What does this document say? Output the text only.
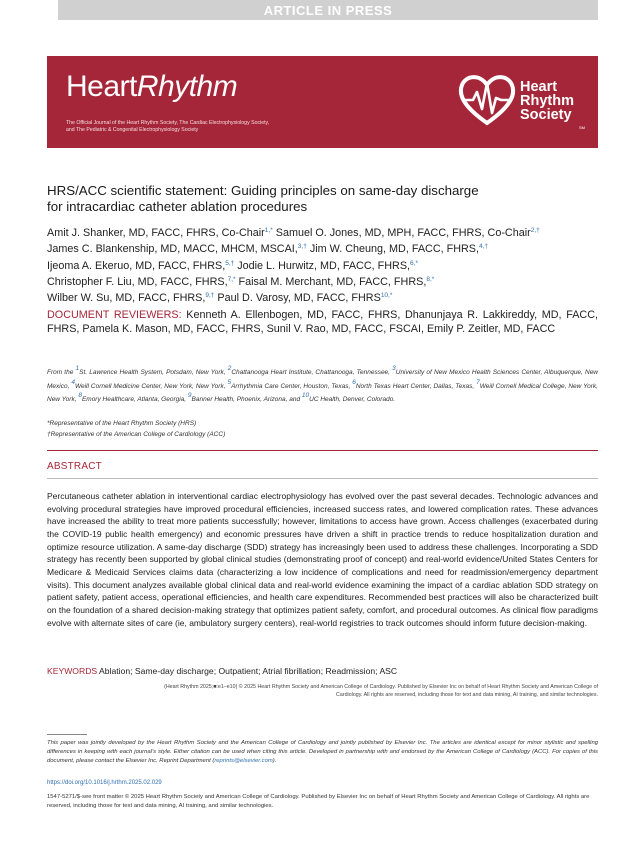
ARTICLE IN PRESS
HeartRhythm
The Official Journal of the Heart Rhythm Society, The Cardiac Electrophysiology Society,
and The Pediatric & Congenital Electrophysiology Society
Heart
Rhythm
Society
SM
HRS/ACC scientific statement: Guiding principles on same-day discharge
for intracardiac catheter ablation procedures
Amit J. Shanker, MD, FACC, FHRS, Co-Chair$^{1,*}$ Samuel O. Jones, MD, MPH, FACC, FHRS, Co-Chair$^{2,\dagger}$
James C. Blankenship, MD, MACC, MHCM, MSCAI,$^{3,\dagger}$ Jim W. Cheung, MD, FACC, FHRS,$^{4,\dagger}$
Ijeoma A. Ekeruo, MD, FACC, FHRS,$^{5,\dagger}$ Jodie L. Hurwitz, MD, FACC, FHRS,$^{6,*}$
Christopher F. Liu, MD, FACC, FHRS,$^{7,*}$ Faisal M. Merchant, MD, FACC, FHRS,$^{8,*}$
Wilber W. Su, MD, FACC, FHRS,$^{9,\dagger}$ Paul D. Varosy, MD, FACC, $FHRS^{10,*}$
DOCUMENT REVIEWERS: Kenneth A. Ellenbogen, MD, FACC, FHRS, Dhanunjaya R. Lakkireddy, MD, FACC, FHRS, Pamela K. Mason, MD, FACC, FHRS, Sunil V. Rao, MD, FACC, FSCAI, Emily P. Zeitler, MD, FACC
From the 1St. Lawrence Health System, Potsdam, New York, 2Chattanooga Heart Institute, Chattanooga, Tennessee, 3University of New Mexico Health Sciences Center, Albuquerque, New Mexico, 4Weill Cornell Medicine Center, New York, New York, 5Arrhythmia Care Center, Houston, Texas, 6North Texas Heart Center, Dallas, Texas, 7Weill Cornell Medical College, New York, New York, 8Emory Healthcare, Atlanta, Georgia, 9Banner Health, Phoenix, Arizona, and 10UC Health, Denver, Colorado.
*Representative of the Heart Rhythm Society (HRS)
†Representative of the American College of Cardiology (ACC)
ABSTRACT
Percutaneous catheter ablation in interventional cardiac electrophysiology has evolved over the past several decades. Technologic advances and evolving procedural strategies have improved procedural efficiencies, increased success rates, and lowered complication rates. These advances have increased the ability to treat more patients successfully; however, limitations to access have grown. Access challenges (exacerbated during the COVID-19 public health emergency) and economic pressures have driven a shift in practice trends to reduce hospitalization duration and optimize resource utilization. A same-day discharge (SDD) strategy has increasingly been used to address these challenges. Incorporating a SDD strategy has recently been supported by global clinical studies (demonstrating proof of concept) and real-world evidence/United States Centers for Medicare & Medicaid Services claims data (characterizing a low incidence of complications and need for readmission/emergency department visits). This document analyzes available global clinical data and real-world evidence examining the impact of a cardiac ablation SDD strategy on patient safety, patient access, operational efficiencies, and health care expenditures. Recommended best practices will also be characterized built on the foundation of a shared decision-making strategy that optimizes patient safety, comfort, and procedural outcomes. As clinical flow paradigms evolve with alternate sites of care (ie, ambulatory surgery centers), real-world registries to track outcomes should inform future decision-making.
KEYWORDS Ablation; Same-day discharge; Outpatient; Atrial fibrillation; Readmission; ASC
(Heart Rhythm 2025;■:e1–e10) © 2025 Heart Rhythm Society and American College of Cardiology. Published by Elsevier Inc on behalf of Heart Rhythm Society and American College of
Cardiology. All rights are reserved, including those for text and data mining, AI training, and similar technologies.
This paper was jointly developed by the Heart Rhythm Society and the American College of Cardiology and jointly published by Elsevier Inc. The articles are identical except for minor stylistic and spelling differences in keeping with each journal's style. Either citation can be used when citing this article. Developed in partnership with and endorsed by the American College of Cardiology (ACC). For copies of this document, please contact the Elsevier Inc. Reprint Department (reprints@elsevier.com).
https://doi.org/10.1016/j.hrthm.2025.02.029
1547-5271/$-see front matter © 2025 Heart Rhythm Society and American College of Cardiology. Published by Elsevier Inc on behalf of Heart Rhythm Society and American College of Cardiology. All rights are reserved, including those for text and data mining, AI training, and similar technologies.
